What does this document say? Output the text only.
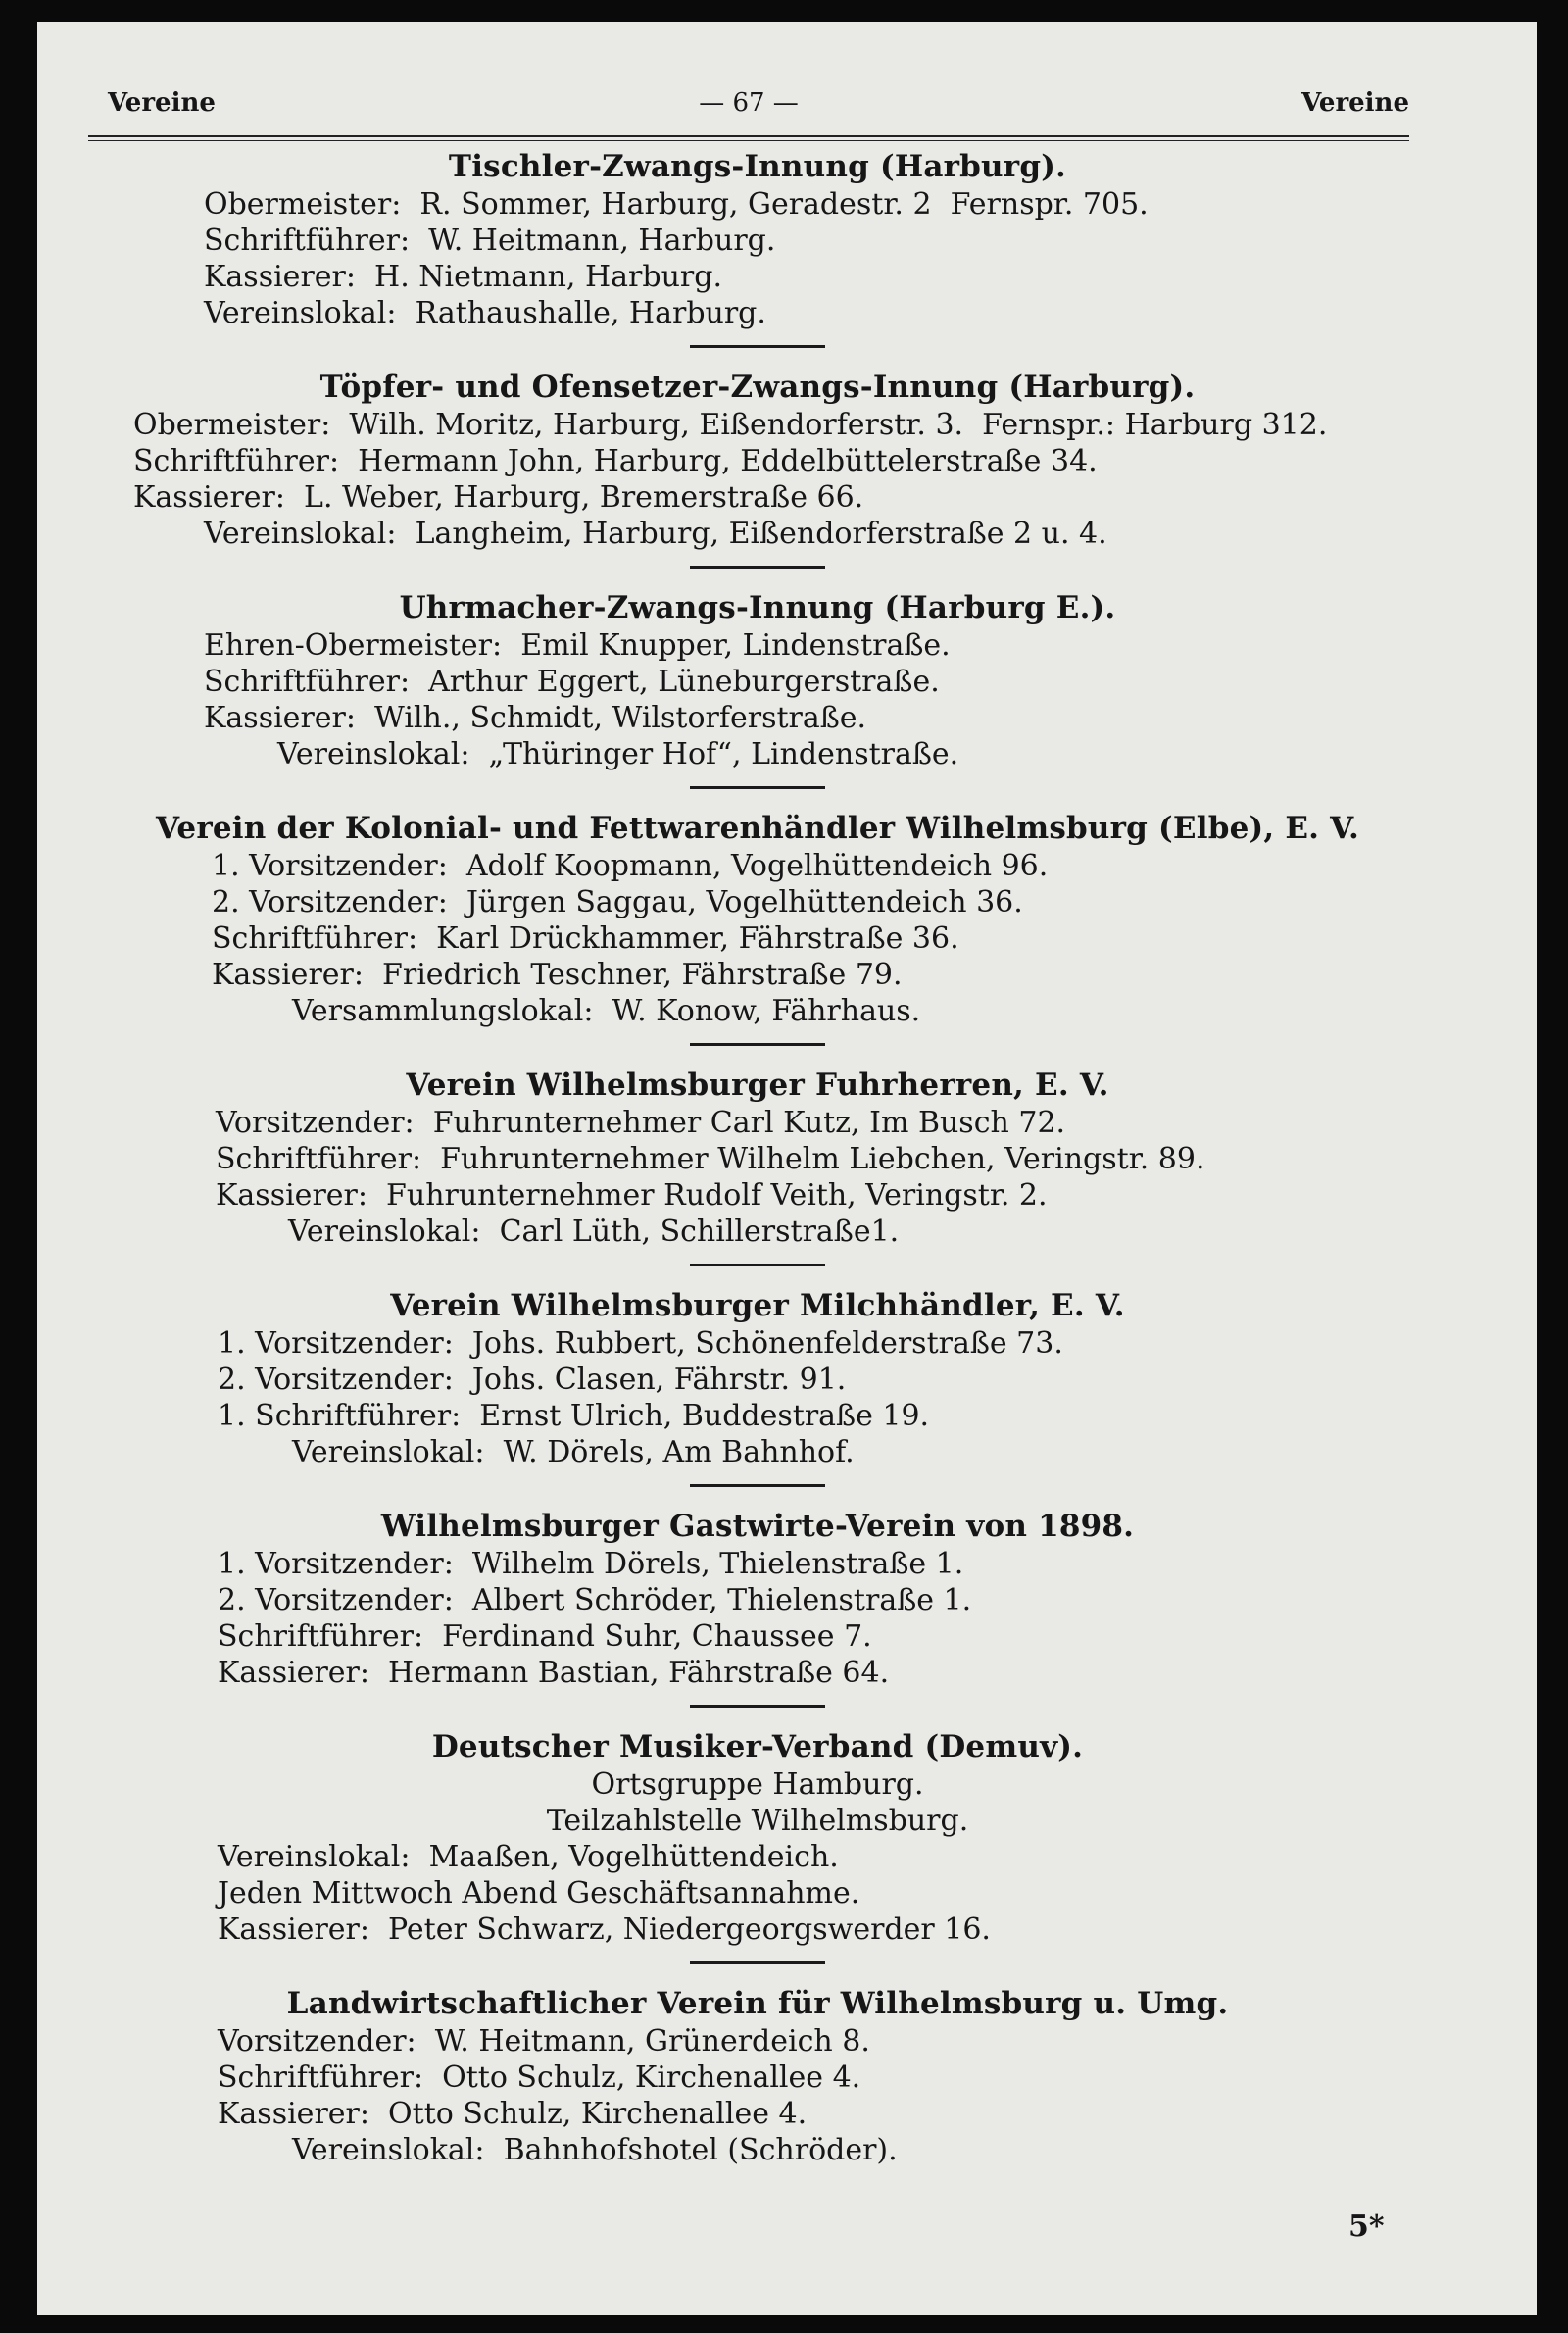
Vereine	— 67 —	Vereine

Tischler-Zwangs-Innung (Harburg).

Obermeister:  R. Sommer, Harburg, Geradestr. 2  Fernspr. 705.

Schriftführer:  W. Heitmann, Harburg.

Kassierer:  H. Nietmann, Harburg.

Vereinslokal:  Rathaushalle, Harburg.

Töpfer- und Ofensetzer-Zwangs-Innung (Harburg).

Obermeister:  Wilh. Moritz, Harburg, Eißendorferstr. 3.  Fernspr.: Harburg 312.

Schriftführer:  Hermann John, Harburg, Eddelbüttelerstraße 34.

Kassierer:  L. Weber, Harburg, Bremerstraße 66.

Vereinslokal:  Langheim, Harburg, Eißendorferstraße 2 u. 4.

Uhrmacher-Zwangs-Innung (Harburg E.).

Ehren-Obermeister:  Emil Knupper, Lindenstraße.

Schriftführer:  Arthur Eggert, Lüneburgerstraße.

Kassierer:  Wilh., Schmidt, Wilstorferstraße.

Vereinslokal:  „Thüringer Hof“, Lindenstraße.

Verein der Kolonial- und Fettwarenhändler Wilhelmsburg (Elbe), E. V.

1. Vorsitzender:  Adolf Koopmann, Vogelhüttendeich 96.

2. Vorsitzender:  Jürgen Saggau, Vogelhüttendeich 36.

Schriftführer:  Karl Drückhammer, Fährstraße 36.

Kassierer:  Friedrich Teschner, Fährstraße 79.

Versammlungslokal:  W. Konow, Fährhaus.

Verein Wilhelmsburger Fuhrherren, E. V.

Vorsitzender:  Fuhrunternehmer Carl Kutz, Im Busch 72.

Schriftführer:  Fuhrunternehmer Wilhelm Liebchen, Veringstr. 89.

Kassierer:  Fuhrunternehmer Rudolf Veith, Veringstr. 2.

Vereinslokal:  Carl Lüth, Schillerstraße1.

Verein Wilhelmsburger Milchhändler, E. V.

1. Vorsitzender:  Johs. Rubbert, Schönenfelderstraße 73.

2. Vorsitzender:  Johs. Clasen, Fährstr. 91.

1. Schriftführer:  Ernst Ulrich, Buddestraße 19.

Vereinslokal:  W. Dörels, Am Bahnhof.

Wilhelmsburger Gastwirte-Verein von 1898.

1. Vorsitzender:  Wilhelm Dörels, Thielenstraße 1.

2. Vorsitzender:  Albert Schröder, Thielenstraße 1.

Schriftführer:  Ferdinand Suhr, Chaussee 7.

Kassierer:  Hermann Bastian, Fährstraße 64.

Deutscher Musiker-Verband (Demuv).

Ortsgruppe Hamburg.

Teilzahlstelle Wilhelmsburg.

Vereinslokal:  Maaßen, Vogelhüttendeich.

Jeden Mittwoch Abend Geschäftsannahme.

Kassierer:  Peter Schwarz, Niedergeorgswerder 16.

Landwirtschaftlicher Verein für Wilhelmsburg u. Umg.

Vorsitzender:  W. Heitmann, Grünerdeich 8.

Schriftführer:  Otto Schulz, Kirchenallee 4.

Kassierer:  Otto Schulz, Kirchenallee 4.

Vereinslokal:  Bahnhofshotel (Schröder).

5*
